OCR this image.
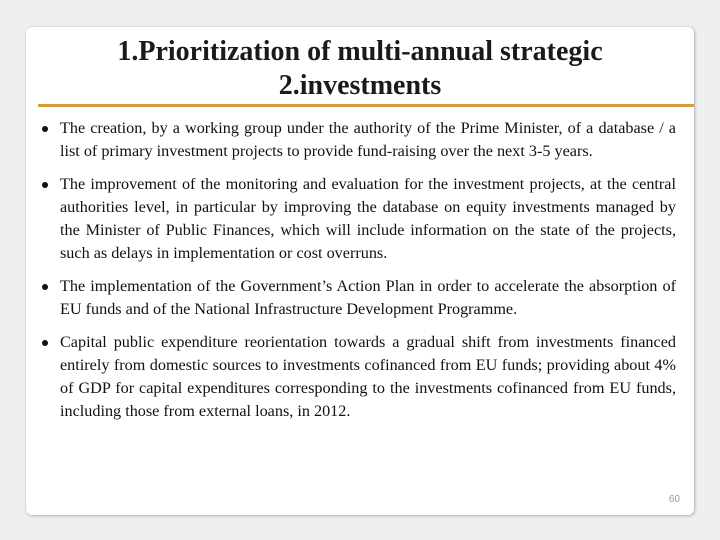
1.Prioritization of multi-annual strategic
2.investments
The creation, by a working group under the authority of the Prime Minister, of a database / a list of primary investment projects to provide fund-raising over the next 3-5 years.
The improvement of the monitoring and evaluation for the investment projects, at the central authorities level, in particular by improving the database on equity investments managed by the Minister of Public Finances, which will include information on the state of the projects, such as delays in implementation or cost overruns.
The implementation of the Government’s Action Plan in order to accelerate the absorption of EU funds and of the National Infrastructure Development Programme.
Capital public expenditure reorientation towards a gradual shift from investments financed entirely from domestic sources to investments cofinanced from EU funds; providing about 4% of GDP for capital expenditures corresponding to the investments cofinanced from EU funds, including those from external loans, in 2012.
60
